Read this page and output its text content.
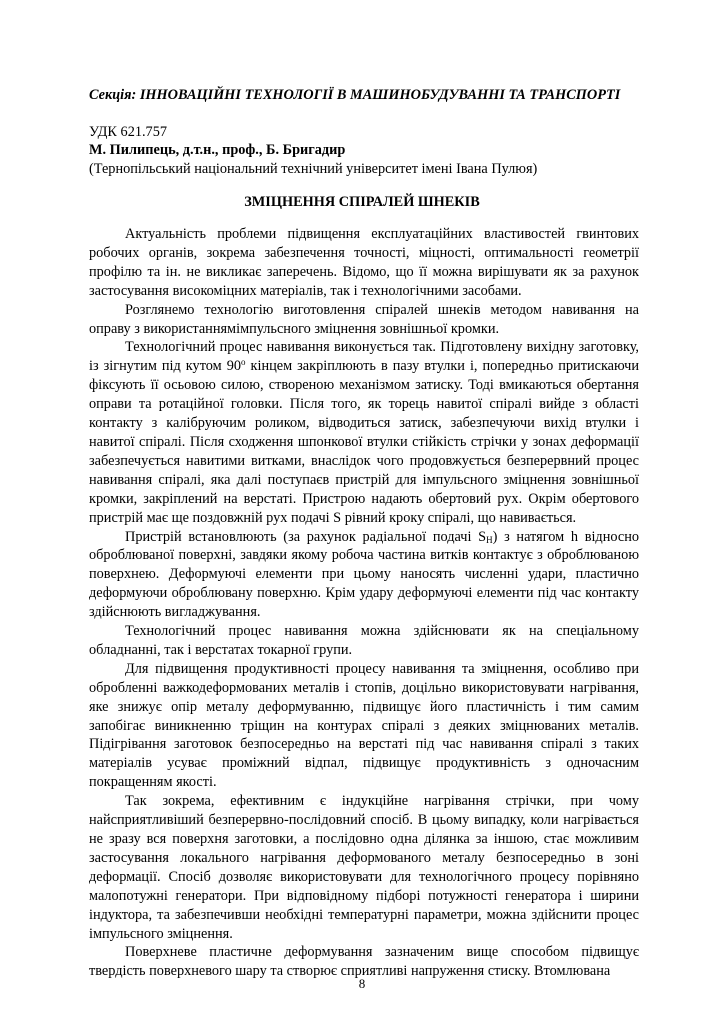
Секція: ІННОВАЦІЙНІ ТЕХНОЛОГІЇ В МАШИНОБУДУВАННІ ТА ТРАНСПОРТІ
УДК 621.757
М. Пилипець, д.т.н., проф., Б. Бригадир
(Тернопільський національний технічний університет імені Івана Пулюя)
ЗМІЦНЕННЯ СПІРАЛЕЙ ШНЕКІВ

Актуальність проблеми підвищення експлуатаційних властивостей гвинтових робочих органів, зокрема забезпечення точності, міцності, оптимальності геометрії профілю та ін. не викликає заперечень. Відомо, що її можна вирішувати як за рахунок застосування високоміцних матеріалів, так і технологічними засобами.

Розглянемо технологію виготовлення спіралей шнеків методом навивання на оправу з використаннямімпульсного зміцнення зовнішньої кромки.

Технологічний процес навивання виконується так. Підготовлену вихідну заготовку, із зігнутим під кутом $90^о$ кінцем закріплюють в пазу втулки і, попередньо притискаючи фіксують її осьовою силою, створеною механізмом затиску. Тоді вмикаються обертання оправи та ротаційної головки. Після того, як торець навитої спіралі вийде з області контакту з калібруючим роликом, відводиться затиск, забезпечуючи вихід втулки і навитої спіралі. Після сходження шпонкової втулки стійкість стрічки у зонах деформації забезпечується навитими витками, внаслідок чого продовжується безперервний процес навивання спіралі, яка далі поступаєв пристрій для імпульсного зміцнення зовнішньої кромки, закріплений на верстаті. Пристрою надають обертовий рух. Окрім обертового пристрій має ще поздовжній рух подачі S рівний кроку спіралі, що навивається.

Пристрій встановлюють (за рахунок радіальної подачі $S_H$) з натягом h відносно оброблюваної поверхні, завдяки якому робоча частина витків контактує з оброблюваною поверхнею. Деформуючі елементи при цьому наносять численні удари, пластично деформуючи оброблювану поверхню. Крім удару деформуючі елементи під час контакту здійснюють вигладжування.

Технологічний процес навивання можна здійснювати як на спеціальному обладнанні, так і верстатах токарної групи.

Для підвищення продуктивності процесу навивання та зміцнення, особливо при обробленні важкодеформованих металів і стопів, доцільно використовувати нагрівання, яке знижує опір металу деформуванню, підвищує його пластичність і тим самим запобігає виникненню тріщин на контурах спіралі з деяких зміцнюваних металів. Підігрівання заготовок безпосередньо на верстаті під час навивання спіралі з таких матеріалів усуває проміжний відпал, підвищує продуктивність з одночасним покращенням якості.

Так зокрема, ефективним є індукційне нагрівання стрічки, при чому найсприятливіший безперервно-послідовний спосіб. В цьому випадку, коли нагрівається не зразу вся поверхня заготовки, а послідовно одна ділянка за іншою, стає можливим застосування локального нагрівання деформованого металу безпосередньо в зоні деформації. Спосіб дозволяє використовувати для технологічного процесу порівняно малопотужні генератори. При відповідному підборі потужності генератора і ширини індуктора, та забезпечивши необхідні температурні параметри, можна здійснити процес імпульсного зміцнення.

Поверхневе пластичне деформування зазначеним вище способом підвищує твердість поверхневого шару та створює сприятливі напруження стиску. Втомлювана

8
